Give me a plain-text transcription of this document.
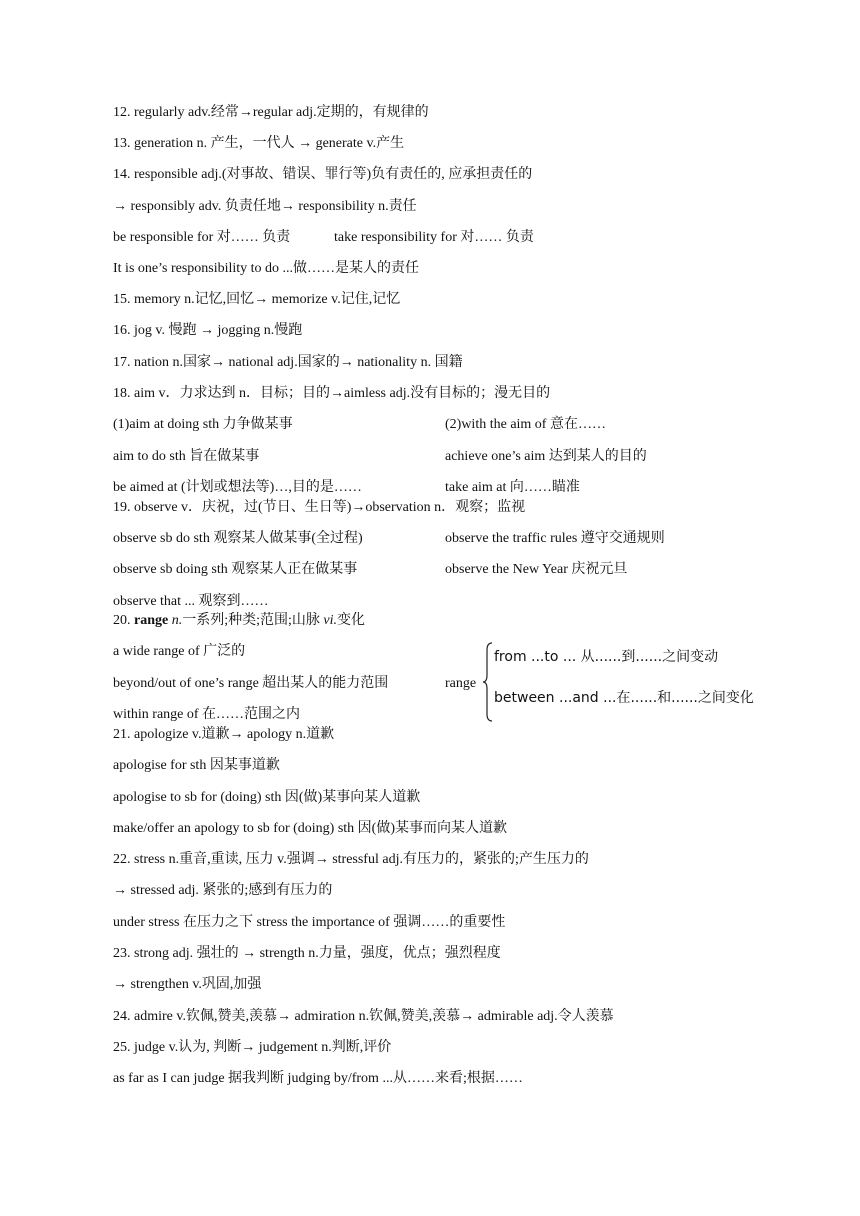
12. regularly adv.经常→regular adj.定期的，有规律的
13. generation n. 产生，一代人 → generate v.产生
14. responsible adj.(对事故、错误、罪行等)负有责任的, 应承担责任的
→ responsibly adv. 负责任地→ responsibility n.责任
be responsible for 对…… 负责	take responsibility for 对…… 负责
It is one’s responsibility to do ...做……是某人的责任
15. memory n.记忆,回忆→ memorize v.记住,记忆
16. jog v. 慢跑 → jogging n.慢跑
17. nation n.国家→ national adj.国家的→ nationality n. 国籍
18. aim v．力求达到 n．目标；目的→aimless adj.没有目标的；漫无目的
(1)aim at doing sth 力争做某事	(2)with the aim of 意在……
aim to do sth 旨在做某事	achieve one’s aim 达到某人的目的
be aimed at (计划或想法等)…,目的是……	take aim at 向……瞄准
19. observe v．庆祝，过(节日、生日等)→observation n．观察；监视
observe sb do sth 观察某人做某事(全过程)	observe the traffic rules 遵守交通规则
observe sb doing sth 观察某人正在做某事	observe the New Year 庆祝元旦
observe that ... 观察到……
20. range n.一系列;种类;范围;山脉 vi.变化
a wide range of 广泛的
beyond/out of one’s range 超出某人的能力范围
within range of 在……范围之内
range
from ...to ... 从......到......之间变动
between ...and ...在......和......之间变化
21. apologize v.道歉→ apology n.道歉
apologise for sth 因某事道歉
apologise to sb for (doing) sth 因(做)某事向某人道歉
make/offer an apology to sb for (doing) sth 因(做)某事而向某人道歉
22. stress n.重音,重读, 压力 v.强调→ stressful adj.有压力的，紧张的;产生压力的
→ stressed adj. 紧张的;感到有压力的
under stress 在压力之下 stress the importance of 强调……的重要性
23. strong adj. 强壮的 → strength n.力量，强度，优点；强烈程度
→ strengthen v.巩固,加强
24. admire v.钦佩,赞美,羡慕→ admiration n.钦佩,赞美,羡慕→ admirable adj.令人羡慕
25. judge v.认为, 判断→ judgement n.判断,评价
as far as I can judge 据我判断 judging by/from ...从……来看;根据……
